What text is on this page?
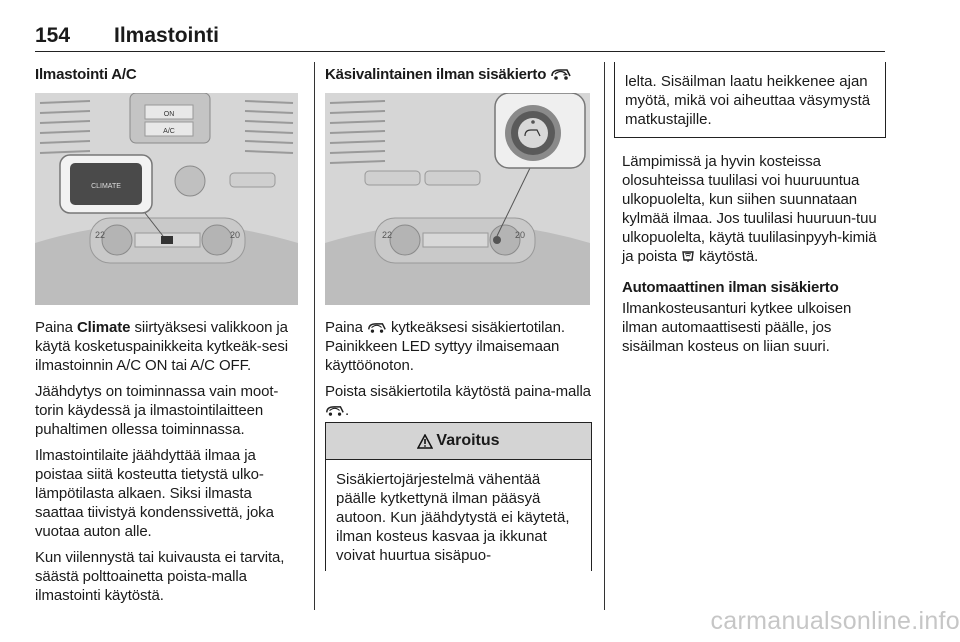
154 Ilmastointi
Ilmastointi A/C
ON
A/C
22	20
CLIMATE

Paina Climate siirtyäksesi valikkoon ja käytä kosketuspainikkeita kytkeäk-sesi ilmastoinnin A/C ON tai A/C OFF.

Jäähdytys on toiminnassa vain moot-torin käydessä ja ilmastointilaitteen puhaltimen ollessa toiminnassa.

Ilmastointilaite jäähdyttää ilmaa ja poistaa siitä kosteutta tietystä ulko-lämpötilasta alkaen. Siksi ilmasta saattaa tiivistyä kondenssivettä, joka vuotaa auton alle.

Kun viilennystä tai kuivausta ei tarvita, säästä polttoainetta poista-malla ilmastointi käytöstä.

Käsivalintainen ilman sisäkierto
22	20

Paina  kytkeäksesi sisäkiertotilan. Painikkeen LED syttyy ilmaisemaan käyttöönoton.

Poista sisäkiertotila käytöstä paina-malla .

Varoitus
Sisäkiertojärjestelmä vähentää päälle kytkettynä ilman pääsyä autoon. Kun jäähdytystä ei käytetä, ilman kosteus kasvaa ja ikkunat voivat huurtua sisäpuo-
lelta. Sisäilman laatu heikkenee ajan myötä, mikä voi aiheuttaa väsymystä matkustajille.

Lämpimissä ja hyvin kosteissa olosuhteissa tuulilasi voi huuruuntua ulkopuolelta, kun siihen suunnataan kylmää ilmaa. Jos tuulilasi huuruun-tuu ulkopuolelta, käytä tuulilasinpyyh-kimiä ja poista  käytöstä.

Automaattinen ilman sisäkierto

Ilmankosteusanturi kytkee ulkoisen ilman automaattisesti päälle, jos sisäilman kosteus on liian suuri.

carmanualsonline.info
